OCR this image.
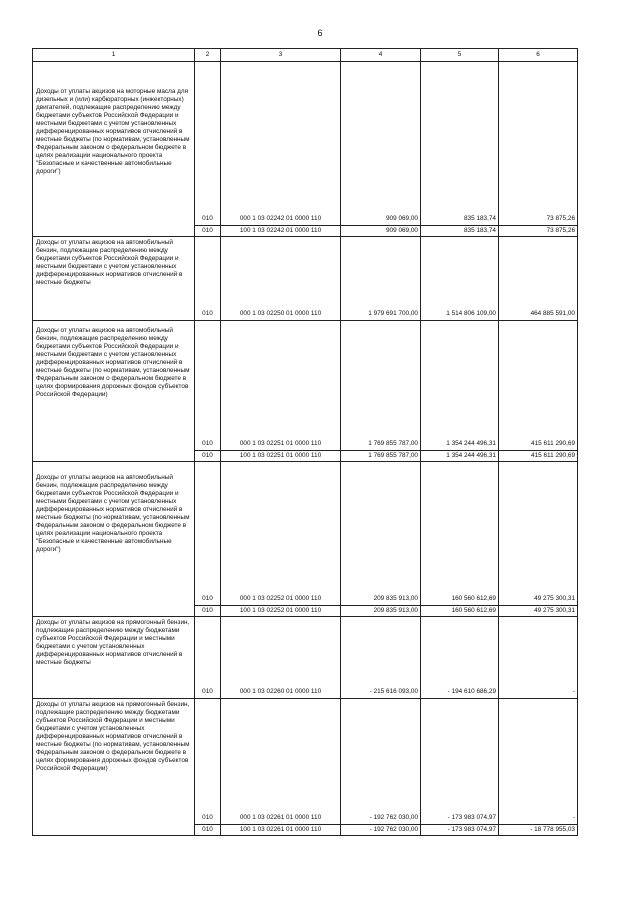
6
1	2	3	4	5	6
Доходы от уплаты акцизов на моторные масла для дизельных и (или) карбюраторных (инжекторных) двигателей, подлежащие распределению между бюджетами субъектов Российской Федерации и местными бюджетами с учетом установленных дифференцированных нормативов отчислений в местные бюджеты (по нормативам, установленным Федеральным законом о федеральном бюджете в целях реализации национального проекта "Безопасные и качественные автомобильные дороги")	010	000 1 03 02242 01 0000 110	909 069,00	835 183,74	73 875,26
	010	100 1 03 02242 01 0000 110	909 069,00	835 183,74	73 875,26
Доходы от уплаты акцизов на автомобильный бензин, подлежащие распределению между бюджетами субъектов Российской Федерации и местными бюджетами с учетом установленных дифференцированных нормативов отчислений в местные бюджеты	010	000 1 03 02250 01 0000 110	1 979 691 700,00	1 514 806 109,00	464 885 591,00
Доходы от уплаты акцизов на автомобильный бензин, подлежащие распределению между бюджетами субъектов Российской Федерации и местными бюджетами с учетом установленных дифференцированных нормативов отчислений в местные бюджеты (по нормативам, установленным Федеральным законом о федеральном бюджете в целях формирования дорожных фондов субъектов Российской Федерации)	010	000 1 03 02251 01 0000 110	1 769 855 787,00	1 354 244 496,31	415 611 290,69
	010	100 1 03 02251 01 0000 110	1 769 855 787,00	1 354 244 496,31	415 611 290,69
Доходы от уплаты акцизов на автомобильный бензин, подлежащие распределению между бюджетами субъектов Российской Федерации и местными бюджетами с учетом установленных дифференцированных нормативов отчислений в местные бюджеты (по нормативам, установленным Федеральным законом о федеральном бюджете в целях реализации национального проекта "Безопасные и качественные автомобильные дороги")	010	000 1 03 02252 01 0000 110	209 835 913,00	160 560 612,69	49 275 300,31
	010	100 1 03 02252 01 0000 110	209 835 913,00	160 560 612,69	49 275 300,31
Доходы от уплаты акцизов на прямогонный бензин, подлежащие распределению между бюджетами субъектов Российской Федерации и местными бюджетами с учетом установленных дифференцированных нормативов отчислений в местные бюджеты	010	000 1 03 02260 01 0000 110	- 215 616 093,00	- 194 610 686,29	-
Доходы от уплаты акцизов на прямогонный бензин, подлежащие распределению между бюджетами субъектов Российской Федерации и местными бюджетами с учетом установленных дифференцированных нормативов отчислений в местные бюджеты (по нормативам, установленным Федеральным законом о федеральном бюджете в целях формирования дорожных фондов субъектов Российской Федерации)	010	000 1 03 02261 01 0000 110	- 192 762 030,00	- 173 983 074,97	-
	010	100 1 03 02261 01 0000 110	- 192 762 030,00	- 173 983 074,97	- 18 778 955,03
